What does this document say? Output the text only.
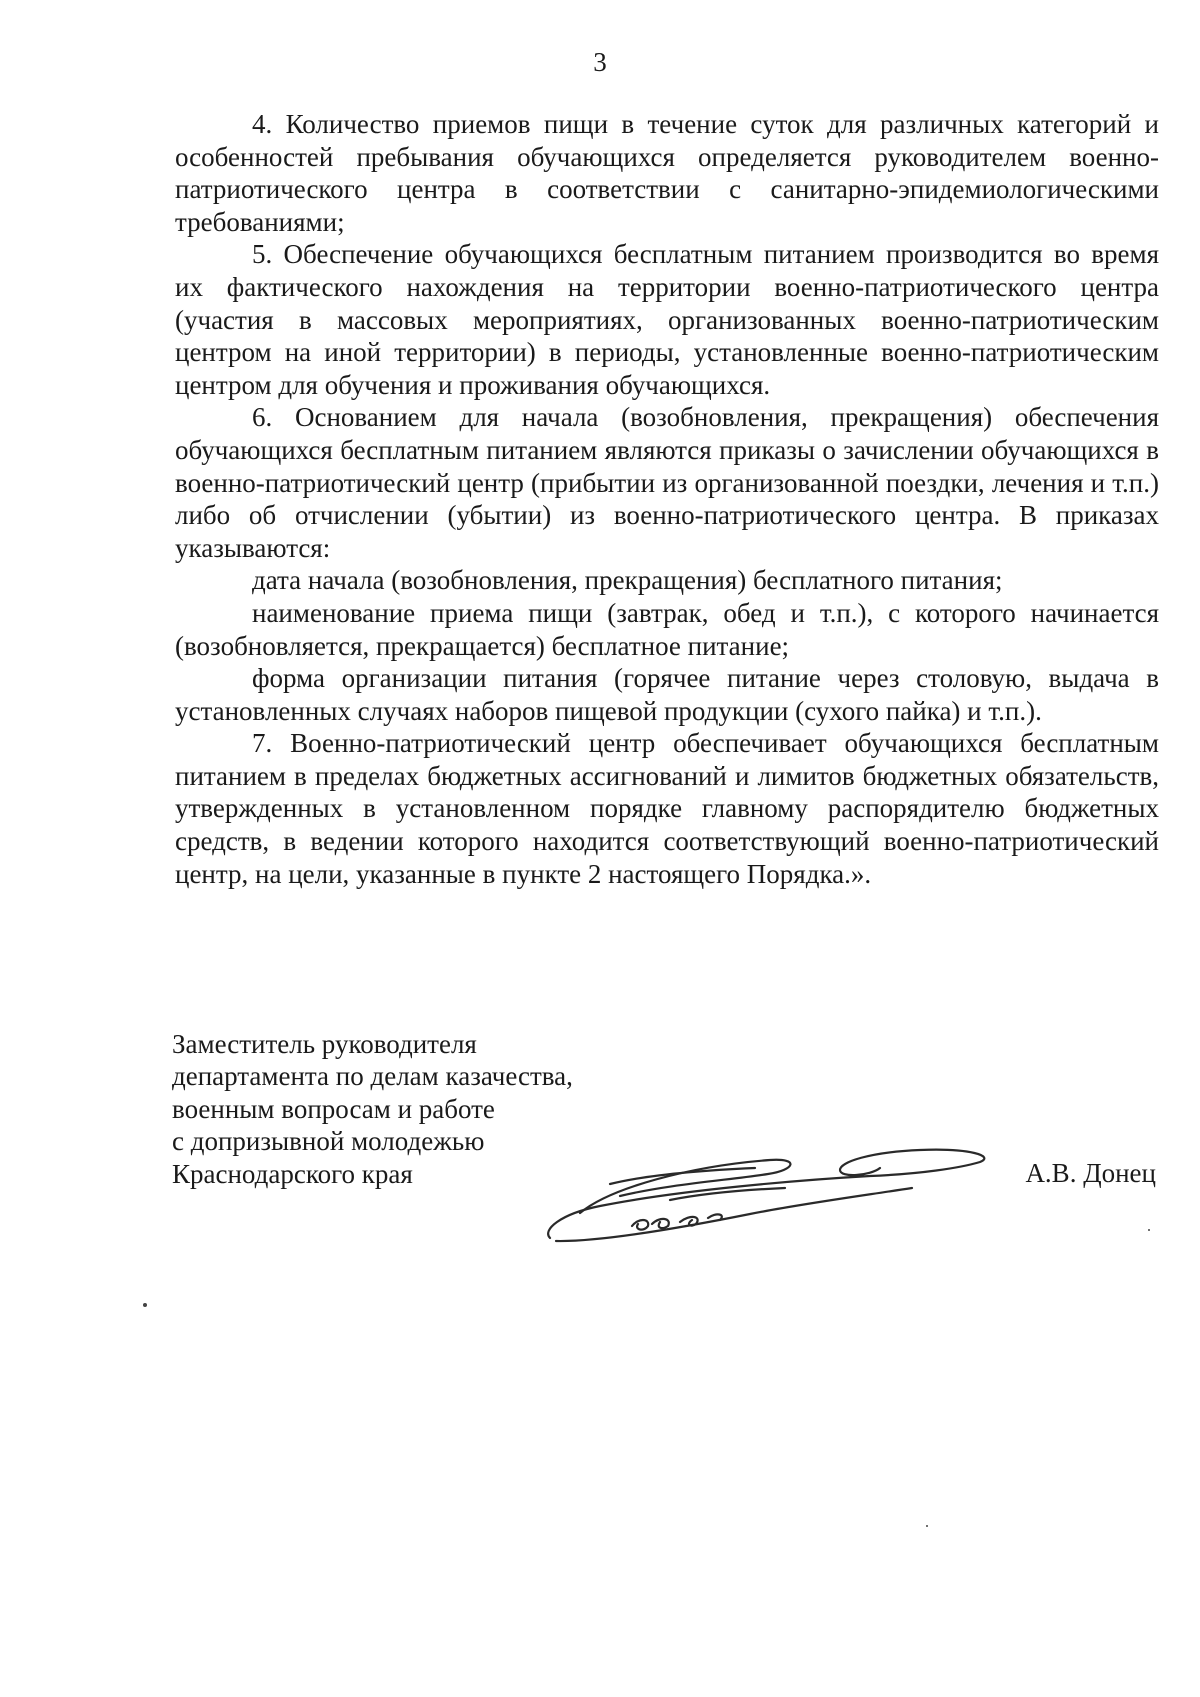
3

4. Количество приемов пищи в течение суток для различных категорий и особенностей пребывания обучающихся определяется руководителем военно-патриотического центра в соответствии с санитарно-эпидемиологическими требованиями;

5. Обеспечение обучающихся бесплатным питанием производится во время их фактического нахождения на территории военно-патриотического центра (участия в массовых мероприятиях, организованных военно-патриотическим центром на иной территории) в периоды, установленные военно-патриотическим центром для обучения и проживания обучающихся.

6. Основанием для начала (возобновления, прекращения) обеспечения обучающихся бесплатным питанием являются приказы о зачислении обучающихся в военно-патриотический центр (прибытии из организованной поездки, лечения и т.п.) либо об отчислении (убытии) из военно-патриотического центра. В приказах указываются:

дата начала (возобновления, прекращения) бесплатного питания;

наименование приема пищи (завтрак, обед и т.п.), с которого начинается (возобновляется, прекращается) бесплатное питание;

форма организации питания (горячее питание через столовую, выдача в установленных случаях наборов пищевой продукции (сухого пайка) и т.п.).

7. Военно-патриотический центр обеспечивает обучающихся бесплатным питанием в пределах бюджетных ассигнований и лимитов бюджетных обязательств, утвержденных в установленном порядке главному распорядителю бюджетных средств, в ведении которого находится соответствующий военно-патриотический центр, на цели, указанные в пункте 2 настоящего Порядка.».

Заместитель руководителя
департамента по делам казачества,
военным вопросам и работе
с допризывной молодежью
Краснодарского края	А.В. Донец
